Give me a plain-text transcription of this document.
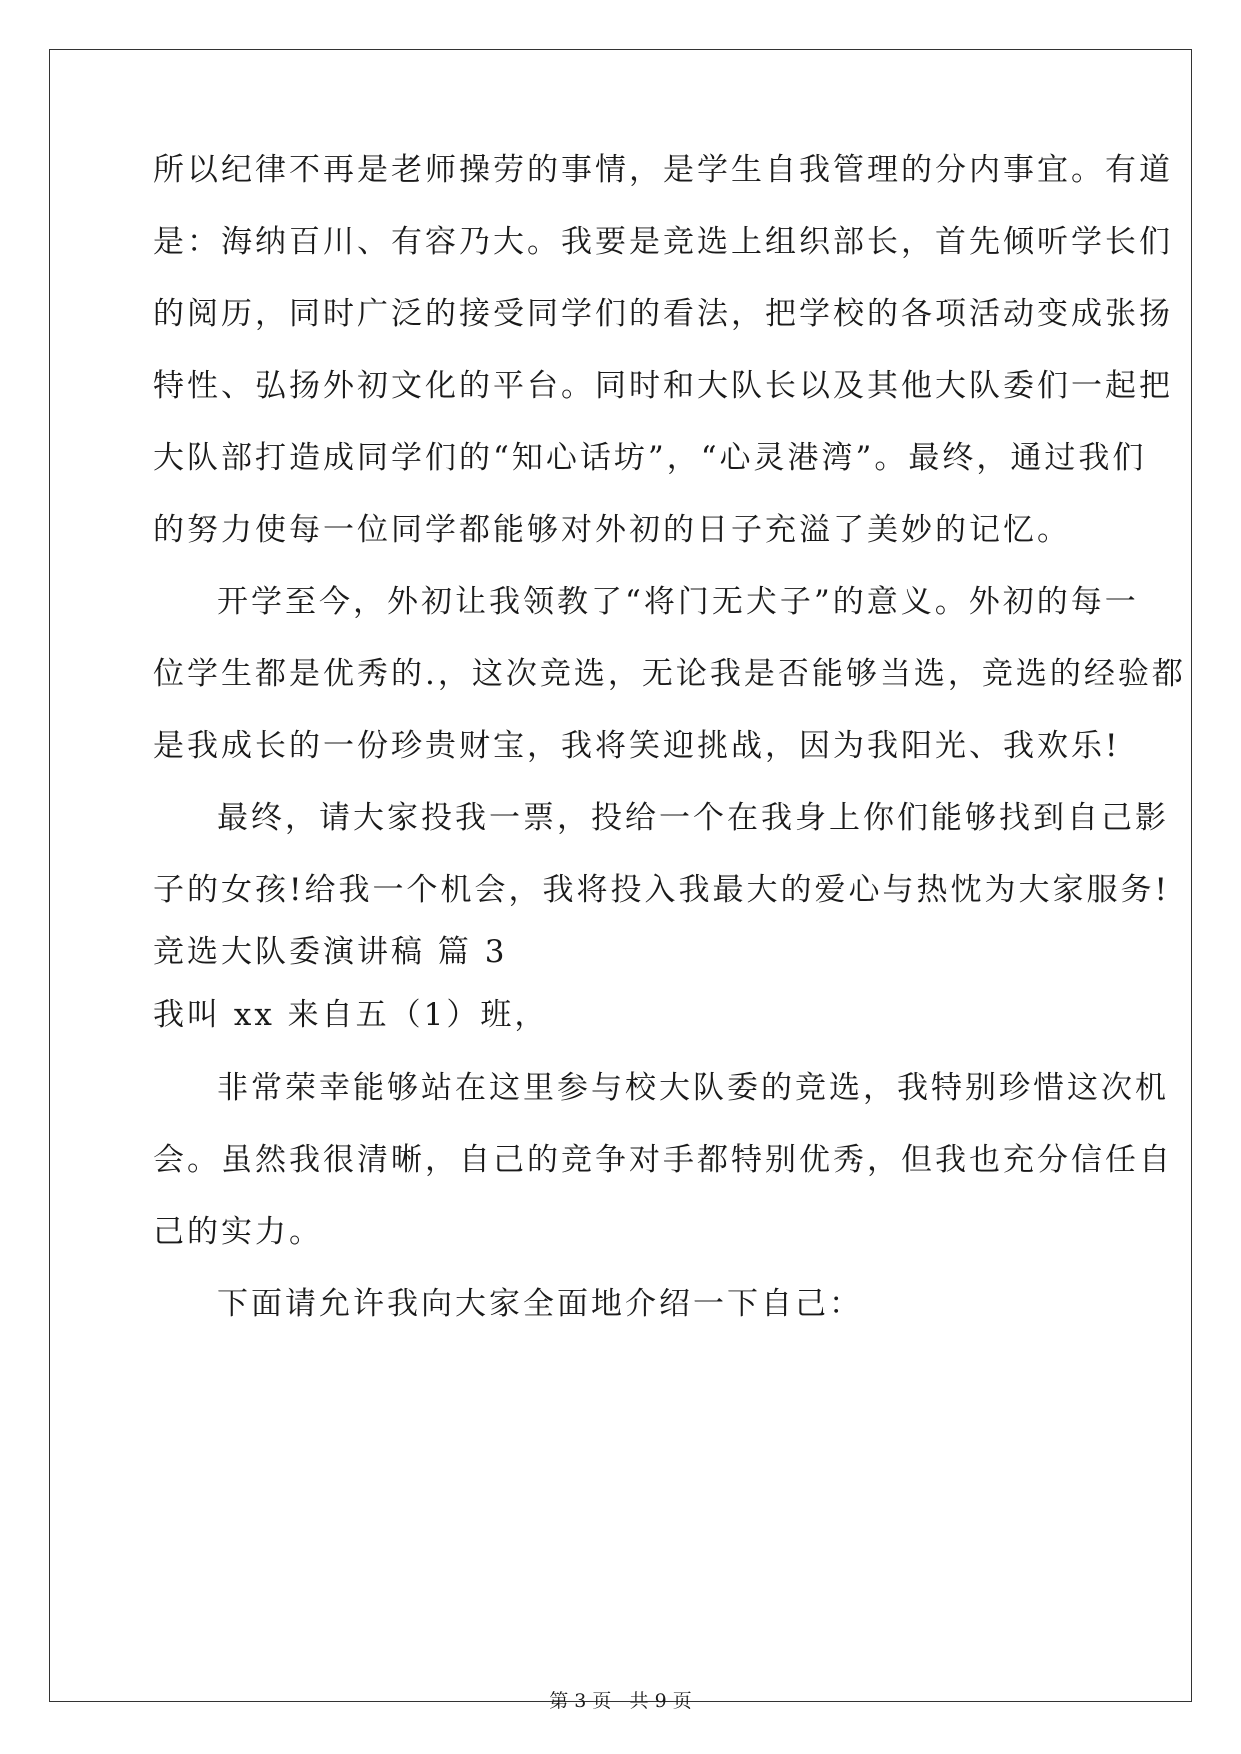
所以纪律不再是老师操劳的事情，是学生自我管理的分内事宜。有道
是：海纳百川、有容乃大。我要是竞选上组织部长，首先倾听学长们
的阅历，同时广泛的接受同学们的看法，把学校的各项活动变成张扬
特性、弘扬外初文化的平台。同时和大队长以及其他大队委们一起把
大队部打造成同学们的“知心话坊”，“心灵港湾”。最终，通过我们
的努力使每一位同学都能够对外初的日子充溢了美妙的记忆。
开学至今，外初让我领教了“将门无犬子”的意义。外初的每一
位学生都是优秀的.，这次竞选，无论我是否能够当选，竞选的经验都
是我成长的一份珍贵财宝，我将笑迎挑战，因为我阳光、我欢乐!
最终，请大家投我一票，投给一个在我身上你们能够找到自己影
子的女孩!给我一个机会，我将投入我最大的爱心与热忱为大家服务!
竞选大队委演讲稿 篇 3
我叫 xx 来自五（1）班，
非常荣幸能够站在这里参与校大队委的竞选，我特别珍惜这次机
会。虽然我很清晰，自己的竞争对手都特别优秀，但我也充分信任自
己的实力。
下面请允许我向大家全面地介绍一下自己：
第 3 页   共 9 页
